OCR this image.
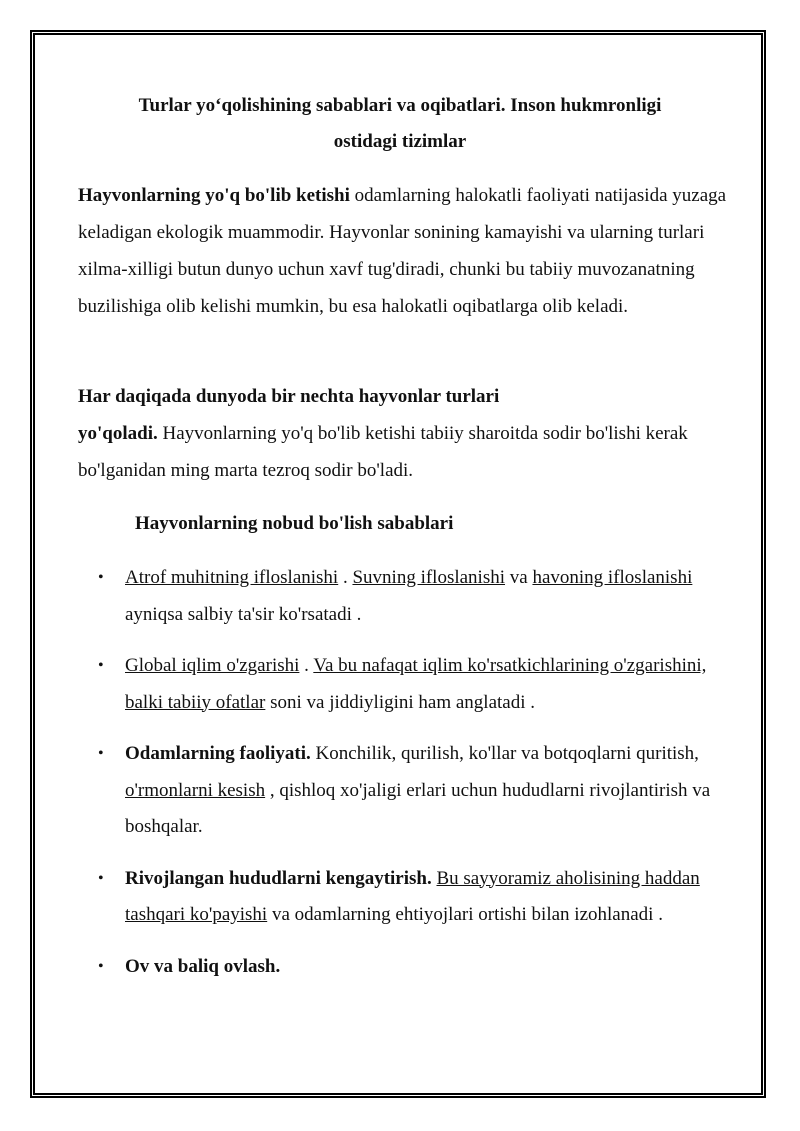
Turlar yo‘qolishining sabablari va oqibatlari. Inson hukmronligi
ostidagi tizimlar
Hayvonlarning yo'q bo'lib ketishi odamlarning halokatli faoliyati natijasida yuzaga keladigan ekologik muammodir. Hayvonlar sonining kamayishi va ularning turlari xilma-xilligi butun dunyo uchun xavf tug'diradi, chunki bu tabiiy muvozanatning buzilishiga olib kelishi mumkin, bu esa halokatli oqibatlarga olib keladi.
Har daqiqada dunyoda bir nechta hayvonlar turlari
yo'qoladi. Hayvonlarning yo'q bo'lib ketishi tabiiy sharoitda sodir bo'lishi kerak bo'lganidan ming marta tezroq sodir bo'ladi.
Hayvonlarning nobud bo'lish sabablari
• Atrof muhitning ifloslanishi . Suvning ifloslanishi va havoning ifloslanishi ayniqsa salbiy ta'sir ko'rsatadi .
• Global iqlim o'zgarishi . Va bu nafaqat iqlim ko'rsatkichlarining o'zgarishini, balki tabiiy ofatlar soni va jiddiyligini ham anglatadi .
• Odamlarning faoliyati. Konchilik, qurilish, ko'llar va botqoqlarni quritish, o'rmonlarni kesish , qishloq xo'jaligi erlari uchun hududlarni rivojlantirish va boshqalar.
• Rivojlangan hududlarni kengaytirish. Bu sayyoramiz aholisining haddan tashqari ko'payishi va odamlarning ehtiyojlari ortishi bilan izohlanadi .
• Ov va baliq ovlash.
